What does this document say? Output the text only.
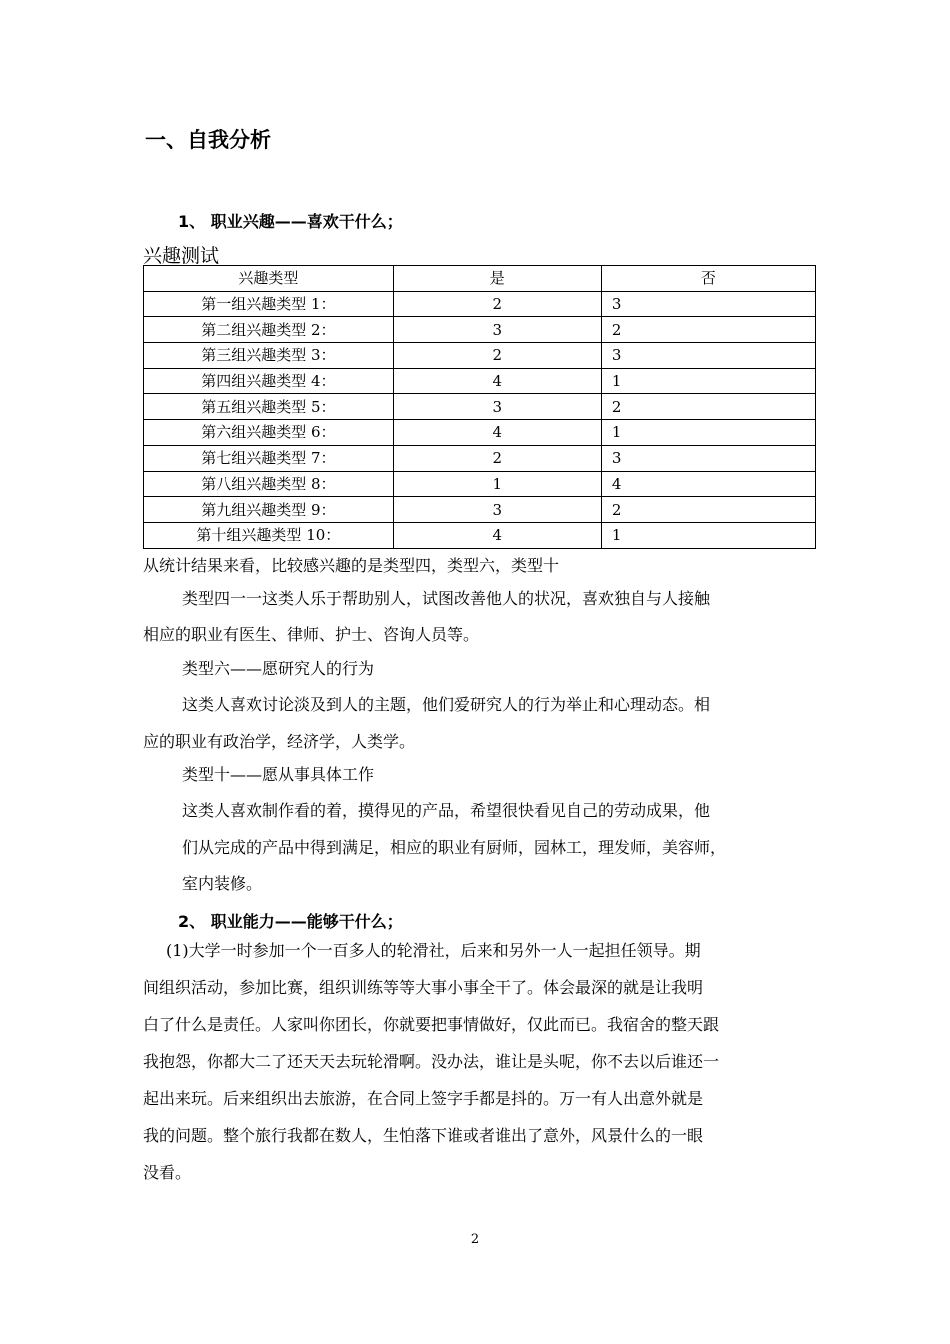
一、自我分析
1、 职业兴趣——喜欢干什么；
兴趣测试
兴趣类型	是	否
第一组兴趣类型 1：	2	3
第二组兴趣类型 2：	3	2
第三组兴趣类型 3：	2	3
第四组兴趣类型 4：	4	1
第五组兴趣类型 5：	3	2
第六组兴趣类型 6：	4	1
第七组兴趣类型 7：	2	3
第八组兴趣类型 8：	1	4
第九组兴趣类型 9：	3	2
第十组兴趣类型 10：	4	1
从统计结果来看，比较感兴趣的是类型四，类型六，类型十
类型四一一这类人乐于帮助别人，试图改善他人的状况，喜欢独自与人接触
相应的职业有医生、律师、护士、咨询人员等。
类型六——愿研究人的行为
这类人喜欢讨论淡及到人的主题，他们爱研究人的行为举止和心理动态。相
应的职业有政治学，经济学，人类学。
类型十——愿从事具体工作
这类人喜欢制作看的着，摸得见的产品，希望很快看见自己的劳动成果，他
们从完成的产品中得到满足，相应的职业有厨师，园林工，理发师，美容师，
室内装修。
2、 职业能力——能够干什么；
(1)大学一时参加一个一百多人的轮滑社，后来和另外一人一起担任领导。期
间组织活动，参加比赛，组织训练等等大事小事全干了。体会最深的就是让我明
白了什么是责任。人家叫你团长，你就要把事情做好，仅此而已。我宿舍的整天跟
我抱怨，你都大二了还天天去玩轮滑啊。没办法，谁让是头呢，你不去以后谁还一
起出来玩。后来组织出去旅游，在合同上签字手都是抖的。万一有人出意外就是
我的问题。整个旅行我都在数人，生怕落下谁或者谁出了意外，风景什么的一眼
没看。
2
